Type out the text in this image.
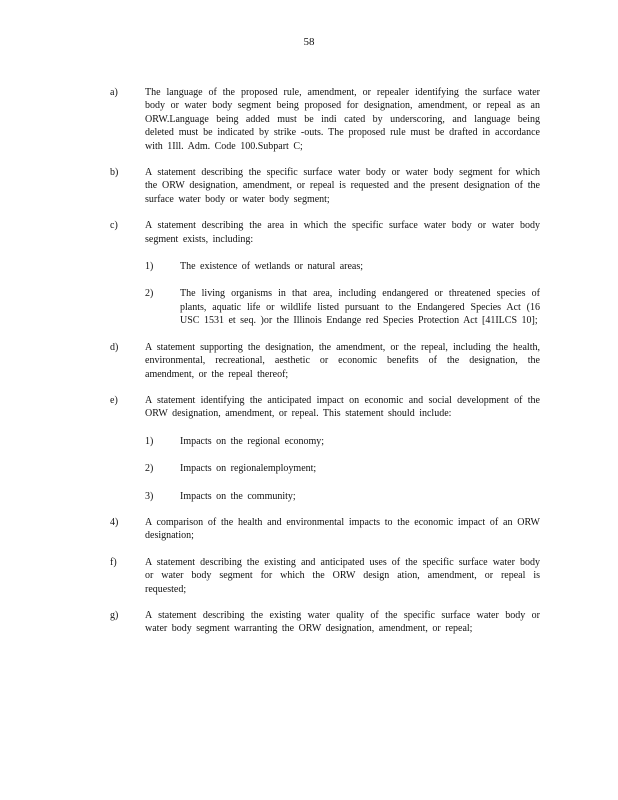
58
a)	The language of the proposed rule, amendment, or repealer identifying the surface water body or water body segment being proposed for designation, amendment, or repeal as an ORW.Language being added must be indi cated by underscoring, and language being deleted must be indicated by strike -outs. The proposed rule must be drafted in accordance with 1Ill. Adm. Code 100.Subpart C;
b)	A statement describing the specific surface water body or water body segment for which the ORW designation, amendment, or repeal is requested and the present designation of the surface water body or water body segment;
c)	A statement describing the area in which the specific surface water body or water body segment exists, including:
1)	The existence of wetlands or natural areas;
2)	The living organisms in that area, including endangered or threatened species of plants, aquatic life or wildlife listed pursuant to the Endangered Species Act (16 USC 1531 et seq. )or the Illinois Endange red Species Protection Act [41ILCS 10];
d)	A statement supporting the designation, the amendment, or the repeal, including the health, environmental, recreational, aesthetic or economic benefits of the designation, the amendment, or the repeal thereof;
e)	A statement identifying the anticipated impact on economic and social development of the ORW designation, amendment, or repeal. This statement should include:
1)	Impacts on the regional economy;
2)	Impacts on regionalemployment;
3)	Impacts on the community;
4)	A comparison of the health and environmental impacts to the economic impact of an ORW designation;
f)	A statement describing the existing and anticipated uses of the specific surface water body or water body segment for which the ORW design ation, amendment, or repeal is requested;
g)	A statement describing the existing water quality of the specific surface water body or water body segment warranting the ORW designation, amendment, or repeal;
